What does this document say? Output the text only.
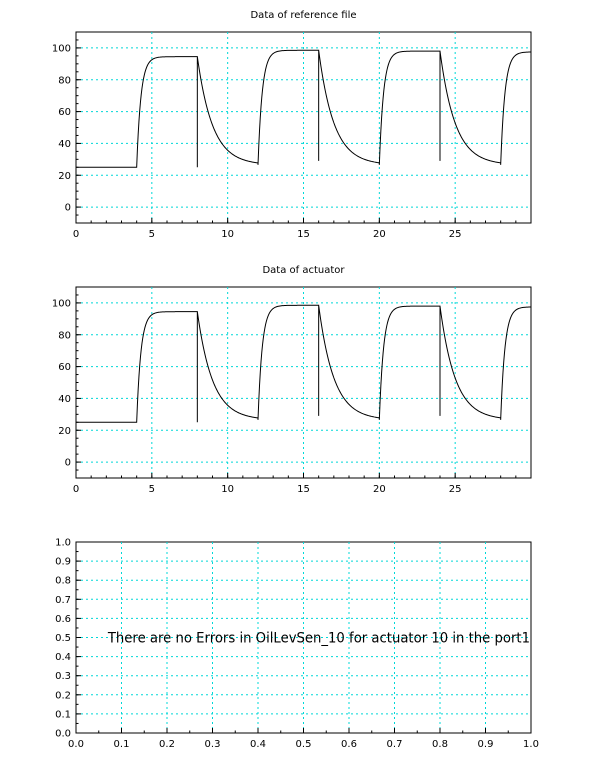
Data of reference file
0	5	10	15	20	25
0
20
40
60
80
100
Data of actuator
0	5	10	15	20	25
0
20
40
60
80
100
0.0	0.1	0.2	0.3	0.4	0.5	0.6	0.7	0.8	0.9	1.0
0.0
0.1
0.2
0.3
0.4
0.5
0.6
0.7
0.8
0.9
1.0
There are no Errors in OilLevSen_10 for actuator 10 in the port1
